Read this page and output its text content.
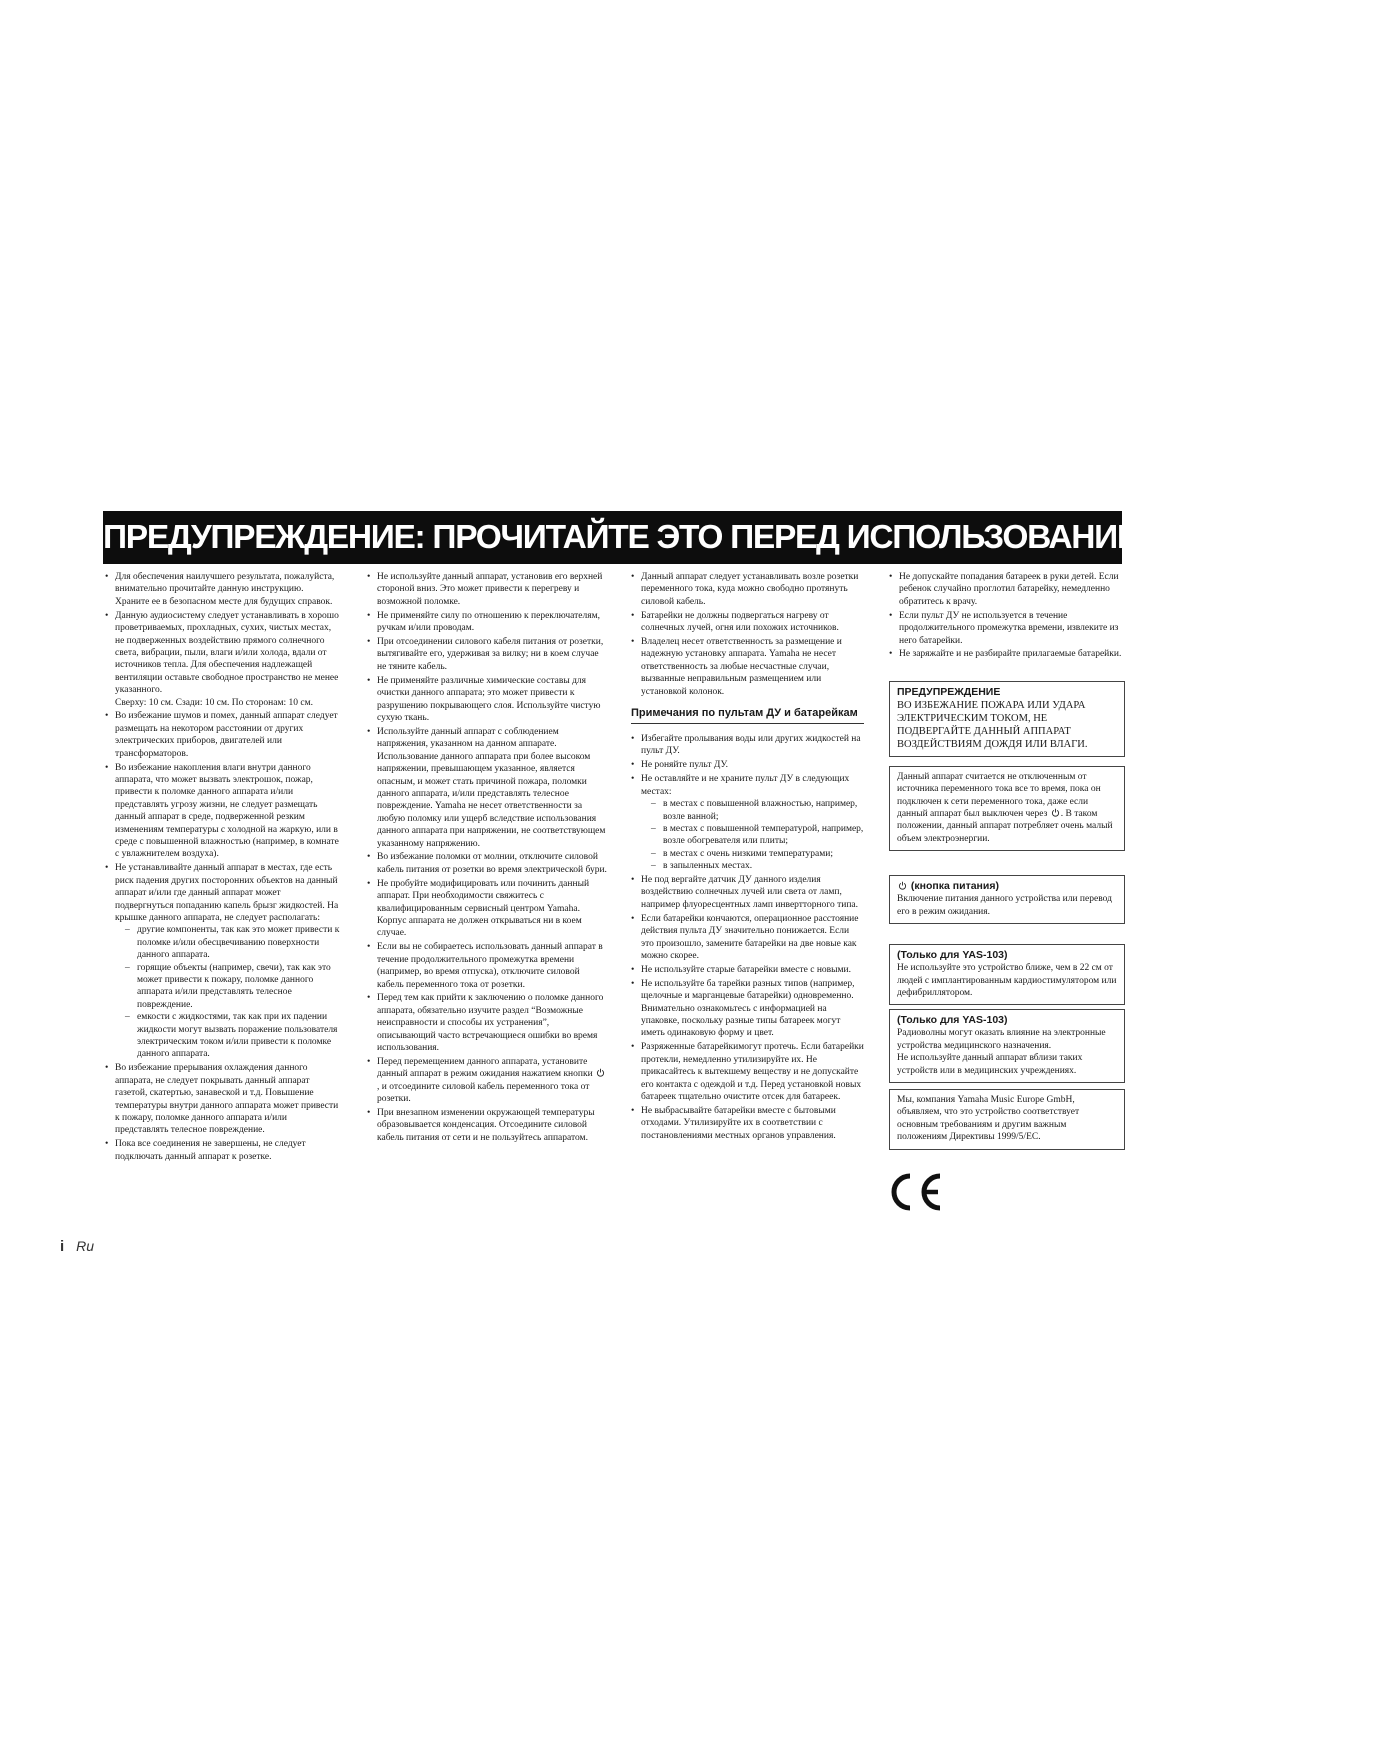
ПРЕДУПРЕЖДЕНИЕ: ПРОЧИТАЙТЕ ЭТО ПЕРЕД ИСПОЛЬЗОВАНИЕМ УСТРОЙСТВА.
• Для обеспечения наилучшего результата, пожалуйста, внимательно прочитайте данную инструкцию. Храните ее в безопасном месте для будущих справок.
• Данную аудиосистему следует устанавливать в хорошо проветриваемых, прохладных, сухих, чистых местах, не подверженных воздействию прямого солнечного света, вибрации, пыли, влаги и/или холода, вдали от источников тепла. Для обеспечения надлежащей вентиляции оставьте свободное пространство не менее указанного.
Сверху: 10 см. Сзади: 10 см. По сторонам: 10 см.
• Во избежание шумов и помех, данный аппарат следует размещать на некотором расстоянии от других электрических приборов, двигателей или трансформаторов.
• Во избежание накопления влаги внутри данного аппарата, что может вызвать электрошок, пожар, привести к поломке данного аппарата и/или представлять угрозу жизни, не следует размещать данный аппарат в среде, подверженной резким изменениям температуры с холодной на жаркую, или в среде с повышенной влажностью (например, в комнате с увлажнителем воздуха).
• Не устанавливайте данный аппарат в местах, где есть риск падения других посторонних объектов на данный аппарат и/или где данный аппарат может подвергнуться попаданию капель брызг жидкостей. На крышке данного аппарата, не следует располагать:
– другие компоненты, так как это может привести к поломке и/или обесцвечиванию поверхности данного аппарата.
– горящие объекты (например, свечи), так как это может привести к пожару, поломке данного аппарата и/или представлять телесное повреждение.
– емкости с жидкостями, так как при их падении жидкости могут вызвать поражение пользователя электрическим током и/или привести к поломке данного аппарата.
• Во избежание прерывания охлаждения данного аппарата, не следует покрывать данный аппарат газетой, скатертью, занавеской и т.д. Повышение температуры внутри данного аппарата может привести к пожару, поломке данного аппарата и/или представлять телесное повреждение.
• Пока все соединения не завершены, не следует подключать данный аппарат к розетке.
• Не используйте данный аппарат, установив его верхней стороной вниз. Это может привести к перегреву и возможной поломке.
• Не применяйте силу по отношению к переключателям, ручкам и/или проводам.
• При отсоединении силового кабеля питания от розетки, вытягивайте его, удерживая за вилку; ни в коем случае не тяните кабель.
• Не применяйте различные химические составы для очистки данного аппарата; это может привести к разрушению покрывающего слоя. Используйте чистую сухую ткань.
• Используйте данный аппарат с соблюдением напряжения, указанном на данном аппарате. Использование данного аппарата при более высоком напряжении, превышающем указанное, является опасным, и может стать причиной пожара, поломки данного аппарата, и/или представлять телесное повреждение. Yamaha не несет ответственности за любую поломку или ущерб вследствие использования данного аппарата при напряжении, не соответствующем указанному напряжению.
• Во избежание поломки от молнии, отключите силовой кабель питания от розетки во время электрической бури.
• Не пробуйте модифицировать или починить данный аппарат. При необходимости свяжитесь с квалифицированным сервисный центром Yamaha. Корпус аппарата не должен открываться ни в коем случае.
• Если вы не собираетесь использовать данный аппарат в течение продолжительного промежутка времени (например, во время отпуска), отключите силовой кабель переменного тока от розетки.
• Перед тем как прийти к заключению о поломке данного аппарата, обязательно изучите раздел “Возможные неисправности и способы их устранения”, описывающий часто встречающиеся ошибки во время использования.
• Перед перемещением данного аппарата, установите данный аппарат в режим ожидания нажатием кнопки , и отсоедините силовой кабель переменного тока от розетки.
• При внезапном изменении окружающей температуры образовывается конденсация. Отсоедините силовой кабель питания от сети и не пользуйтесь аппаратом.
• Данный аппарат следует устанавливать возле розетки переменного тока, куда можно свободно протянуть силовой кабель.
• Батарейки не должны подвергаться нагреву от солнечных лучей, огня или похожих источников.
• Владелец несет ответственность за размещение и надежную установку аппарата. Yamaha не несет ответственность за любые несчастные случаи, вызванные неправильным размещением или установкой колонок.
Примечания по пультам ДУ и батарейкам
• Избегайте пролывания воды или других жидкостей на пульт ДУ.
• Не роняйте пульт ДУ.
• Не оставляйте и не храните пульт ДУ в следующих местах:
– в местах с повышенной влажностью, например, возле ванной;
– в местах с повышенной температурой, например, возле обогревателя или плиты;
– в местах с очень низкими температурами;
– в запыленных местах.
• Не под вергайте датчик ДУ данного изделия воздействию солнечных лучей или света от ламп, например флуоресцентных ламп инвертторного типа.
• Если батарейки кончаются, операционное расстояние действия пульта ДУ значительно понижается. Если это произошло, замените батарейки на две новые как можно скорее.
• Не используйте старые батарейки вместе с новыми.
• Не используйте ба тарейки разных типов (например, щелочные и марганцевые батарейки) одновременно. Внимательно ознакомьтесь с информацией на упаковке, поскольку разные типы батареек могут иметь одинаковую форму и цвет.
• Разряженные батарейкимогут протечь. Если батарейки протекли, немедленно утилизируйте их. Не прикасайтесь к вытекшему веществу и не допускайте его контакта с одеждой и т.д. Перед установкой новых батареек тщательно очистите отсек для батареек.
• Не выбрасывайте батарейки вместе с бытовыми отходами. Утилизируйте их в соответствии с постановлениями местных органов управления.
• Не допускайте попадания батареек в руки детей. Если ребенок случайно проглотил батарейку, немедленно обратитесь к врачу.
• Если пульт ДУ не используется в течение продолжительного промежутка времени, извлеките из него батарейки.
• Не заряжайте и не разбирайте прилагаемые батарейки.
ПРЕДУПРЕЖДЕНИЕ
ВО ИЗБЕЖАНИЕ ПОЖАРА ИЛИ УДАРА ЭЛЕКТРИЧЕСКИМ ТОКОМ, НЕ ПОДВЕРГАЙТЕ ДАННЫЙ АППАРАТ ВОЗДЕЙСТВИЯМ ДОЖДЯ ИЛИ ВЛАГИ.
Данный аппарат считается не отключенным от источника переменного тока все то время, пока он подключен к сети переменного тока, даже если данный аппарат был выключен через . В таком положении, данный аппарат потребляет очень малый объем электроэнергии.
(кнопка питания)
Включение питания данного устройства или перевод его в режим ожидания.
(Только для YAS-103)
Не используйте это устройство ближе, чем в 22 см от людей с имплантированным кардиостимулятором или дефибриллятором.
(Только для YAS-103)
Радиоволны могут оказать влияние на электронные устройства медицинского назначения.
Не используйте данный аппарат вблизи таких устройств или в медицинских учреждениях.
Мы, компания Yamaha Music Europe GmbH, объявляем, что это устройство соответствует основным требованиям и другим важным положениям Директивы 1999/5/EC.
i Ru
